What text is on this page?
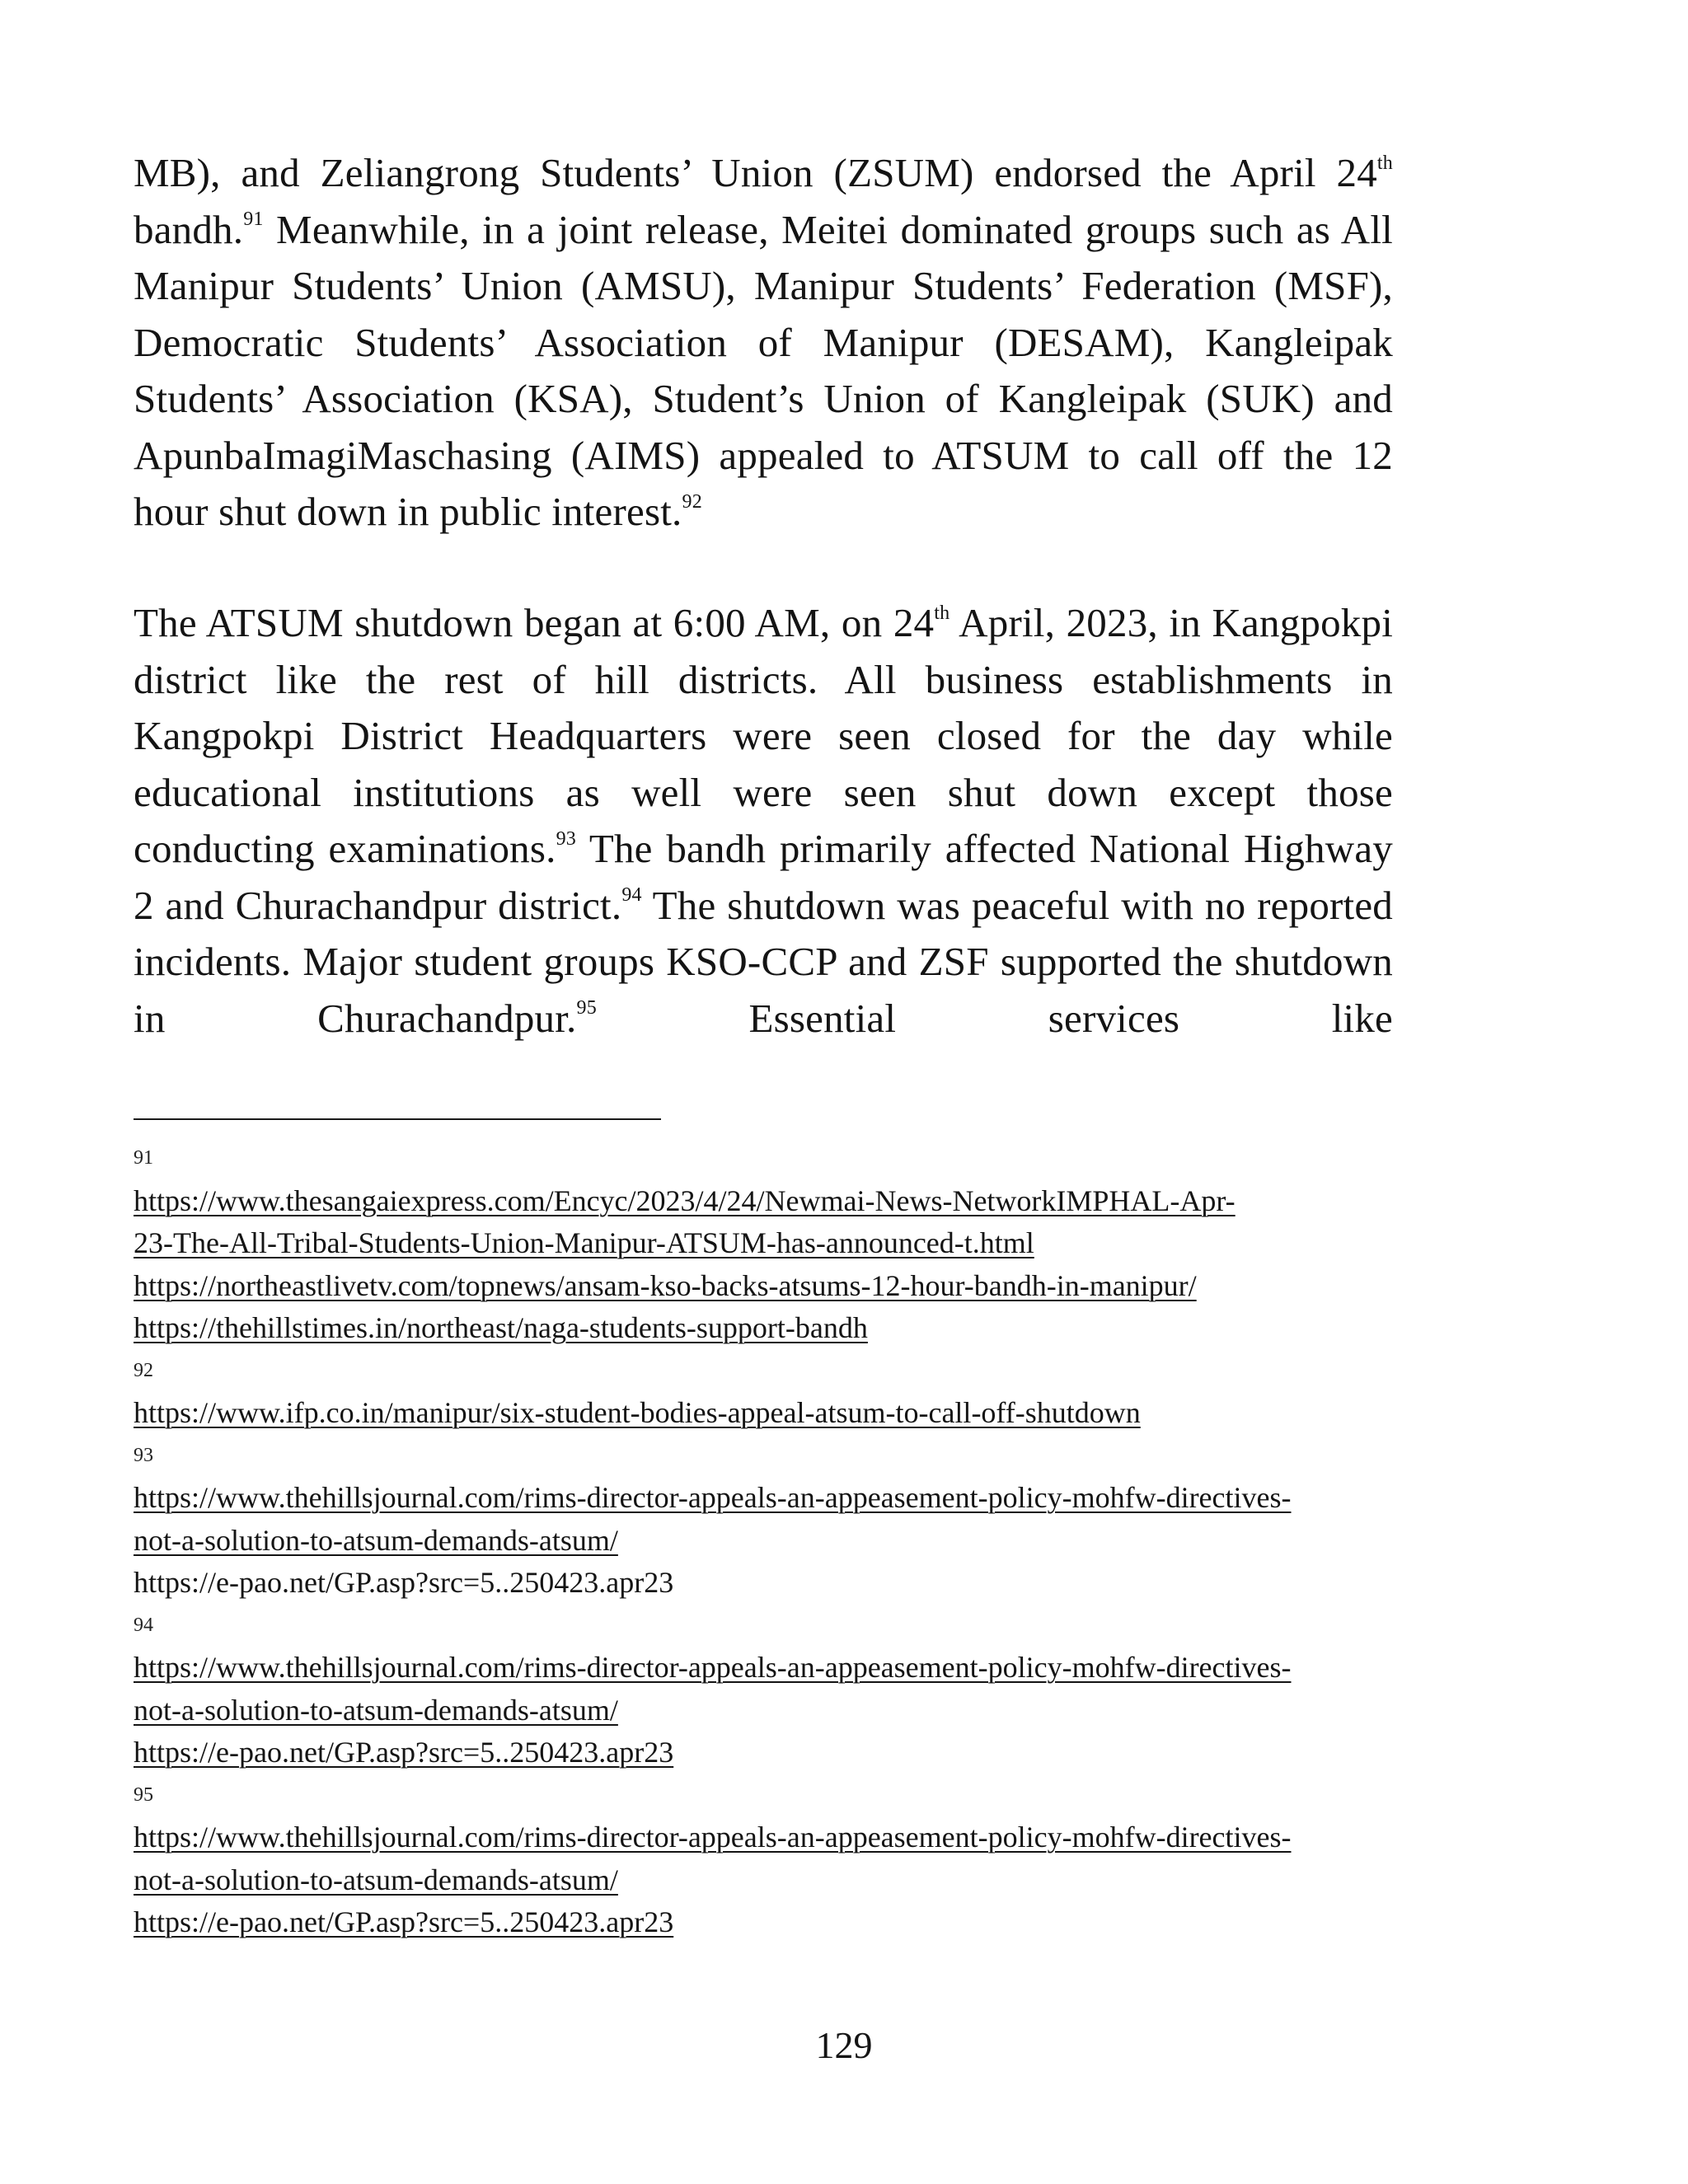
MB), and Zeliangrong Students’ Union (ZSUM) endorsed the April 24th bandh.$^{91}$ Meanwhile, in a joint release, Meitei dominated groups such as All Manipur Students’ Union (AMSU), Manipur Students’ Federation (MSF), Democratic Students’ Association of Manipur (DESAM), Kangleipak Students’ Association (KSA), Student’s Union of Kangleipak (SUK) and ApunbaImagiMaschasing (AIMS) appealed to ATSUM to call off the 12 hour shut down in public interest.$^{92}$

The ATSUM shutdown began at 6:00 AM, on 24th April, 2023, in Kangpokpi district like the rest of hill districts. All business establishments in Kangpokpi District Headquarters were seen closed for the day while educational institutions as well were seen shut down except those conducting examinations.$^{93}$ The bandh primarily affected National Highway 2 and Churachandpur district.$^{94}$ The shutdown was peaceful with no reported incidents. Major student groups KSO-CCP and ZSF supported the shutdown in Churachandpur.$^{95}$ Essential services like

91
https://www.thesangaiexpress.com/Encyc/2023/4/24/Newmai-News-NetworkIMPHAL-Apr-
23-The-All-Tribal-Students-Union-Manipur-ATSUM-has-announced-t.html
https://northeastlivetv.com/topnews/ansam-kso-backs-atsums-12-hour-bandh-in-manipur/
https://thehillstimes.in/northeast/naga-students-support-bandh
92
https://www.ifp.co.in/manipur/six-student-bodies-appeal-atsum-to-call-off-shutdown
93
https://www.thehillsjournal.com/rims-director-appeals-an-appeasement-policy-mohfw-directives-
not-a-solution-to-atsum-demands-atsum/
https://e-pao.net/GP.asp?src=5..250423.apr23
94
https://www.thehillsjournal.com/rims-director-appeals-an-appeasement-policy-mohfw-directives-
not-a-solution-to-atsum-demands-atsum/
https://e-pao.net/GP.asp?src=5..250423.apr23
95
https://www.thehillsjournal.com/rims-director-appeals-an-appeasement-policy-mohfw-directives-
not-a-solution-to-atsum-demands-atsum/
https://e-pao.net/GP.asp?src=5..250423.apr23
129
